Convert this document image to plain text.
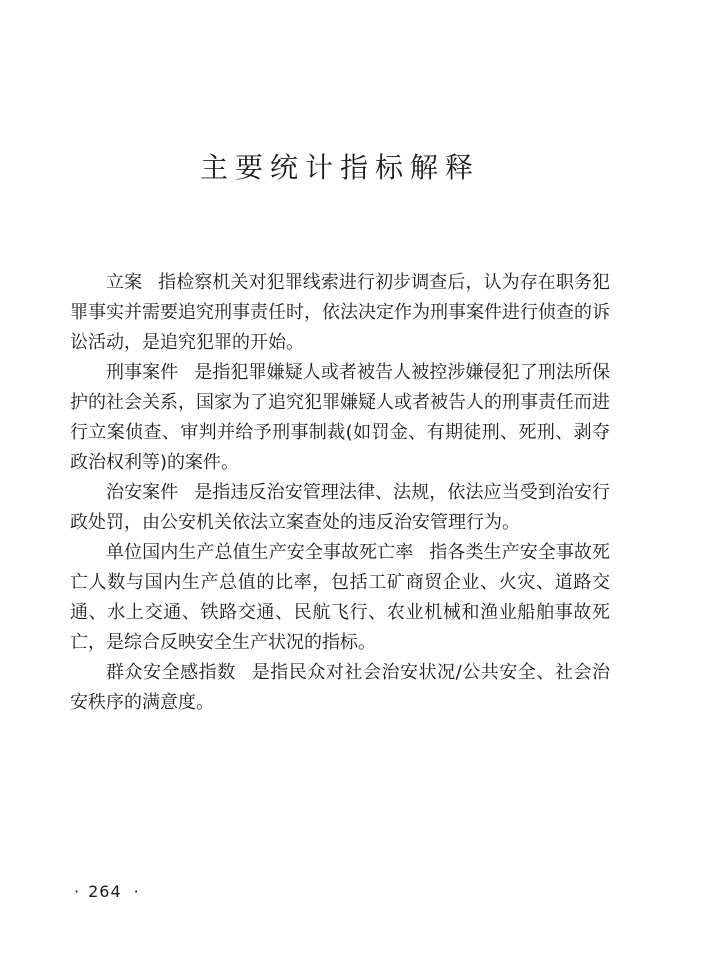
主要统计指标解释

立案 指检察机关对犯罪线索进行初步调查后，认为存在职务犯罪事实并需要追究刑事责任时，依法决定作为刑事案件进行侦查的诉讼活动，是追究犯罪的开始。

刑事案件 是指犯罪嫌疑人或者被告人被控涉嫌侵犯了刑法所保护的社会关系，国家为了追究犯罪嫌疑人或者被告人的刑事责任而进行立案侦查、审判并给予刑事制裁(如罚金、有期徒刑、死刑、剥夺政治权利等)的案件。

治安案件 是指违反治安管理法律、法规，依法应当受到治安行政处罚，由公安机关依法立案查处的违反治安管理行为。

单位国内生产总值生产安全事故死亡率 指各类生产安全事故死亡人数与国内生产总值的比率，包括工矿商贸企业、火灾、道路交通、水上交通、铁路交通、民航飞行、农业机械和渔业船舶事故死亡，是综合反映安全生产状况的指标。

群众安全感指数 是指民众对社会治安状况/公共安全、社会治安秩序的满意度。

· 264 ·
